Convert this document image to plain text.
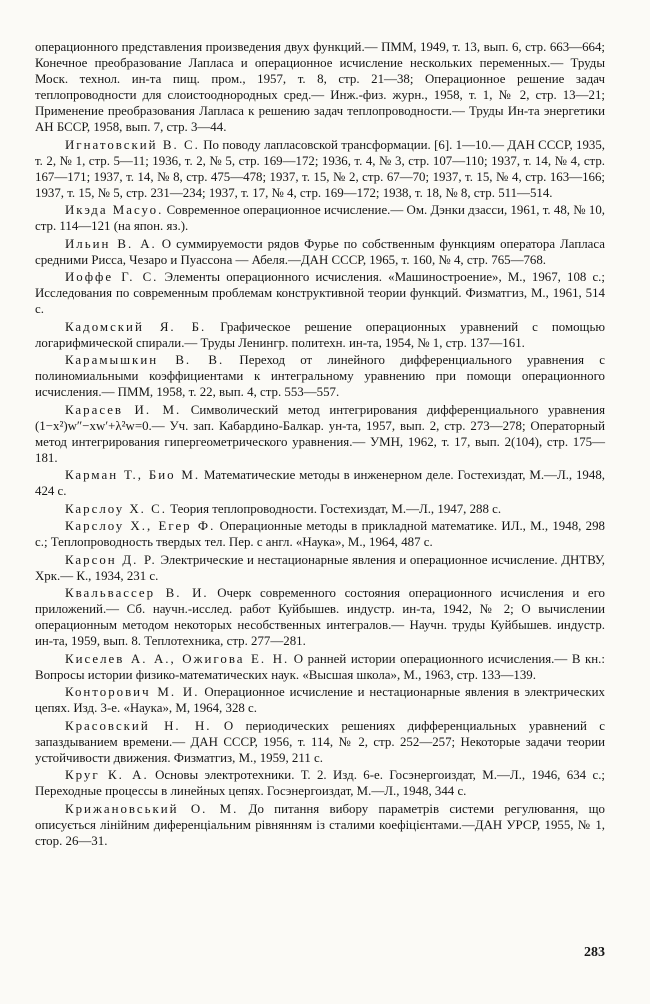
операционного представления произведения двух функций.— ПММ, 1949, т. 13, вып. 6, стр. 663—664; Конечное преобразование Лапласа и операционное исчисление нескольких переменных.— Труды Моск. технол. ин-та пищ. пром., 1957, т. 8, стр. 21—38; Операционное решение задач теплопроводности для слоистооднородных сред.— Инж.-физ. журн., 1958, т. 1, № 2, стр. 13—21; Применение преобразования Лапласа к решению задач теплопроводности.— Труды Ин-та энергетики АН БССР, 1958, вып. 7, стр. 3—44.

Игнатовский В. С. По поводу лапласовской трансформации. [6]. 1—10.— ДАН СССР, 1935, т. 2, № 1, стр. 5—11; 1936, т. 2, № 5, стр. 169—172; 1936, т. 4, № 3, стр. 107—110; 1937, т. 14, № 4, стр. 167—171; 1937, т. 14, № 8, стр. 475—478; 1937, т. 15, № 2, стр. 67—70; 1937, т. 15, № 4, стр. 163—166; 1937, т. 15, № 5, стр. 231—234; 1937, т. 17, № 4, стр. 169—172; 1938, т. 18, № 8, стр. 511—514.

Икэда Масуо. Современное операционное исчисление.— Ом. Дэнки дзасси, 1961, т. 48, № 10, стр. 114—121 (на япон. яз.).

Ильин В. А. О суммируемости рядов Фурье по собственным функциям оператора Лапласа средними Рисса, Чезаро и Пуассона — Абеля.—ДАН СССР, 1965, т. 160, № 4, стр. 765—768.

Иоффе Г. С. Элементы операционного исчисления. «Машиностроение», М., 1967, 108 с.; Исследования по современным проблемам конструктивной теории функций. Физматгиз, М., 1961, 514 с.

Кадомский Я. Б. Графическое решение операционных уравнений с помощью логарифмической спирали.— Труды Ленингр. политехн. ин-та, 1954, № 1, стр. 137—161.

Карамышкин В. В. Переход от линейного дифференциального уравнения с полиномиальными коэффициентами к интегральному уравнению при помощи операционного исчисления.— ПММ, 1958, т. 22, вып. 4, стр. 553—557.

Карасев И. М. Символический метод интегрирования дифференциального уравнения (1−x²)w″−xw′+λ²w=0.— Уч. зап. Кабардино-Балкар. ун-та, 1957, вып. 2, стр. 273—278; Операторный метод интегрирования гипергеометрического уравнения.— УМН, 1962, т. 17, вып. 2(104), стр. 175—181.

Карман Т., Био М. Математические методы в инженерном деле. Гостехиздат, М.—Л., 1948, 424 с.

Карслоу Х. С. Теория теплопроводности. Гостехиздат, М.—Л., 1947, 288 с.

Карслоу Х., Егер Ф. Операционные методы в прикладной математике. ИЛ., М., 1948, 298 с.; Теплопроводность твердых тел. Пер. с англ. «Наука», М., 1964, 487 с.

Карсон Д. Р. Электрические и нестационарные явления и операционное исчисление. ДНТВУ, Хрк.— К., 1934, 231 с.

Квальвассер В. И. Очерк современного состояния операционного исчисления и его приложений.— Сб. научн.-исслед. работ Куйбышев. индустр. ин-та, 1942, № 2; О вычислении операционным методом некоторых несобственных интегралов.— Научн. труды Куйбышев. индустр. ин-та, 1959, вып. 8. Теплотехника, стр. 277—281.

Киселев А. А., Ожигова Е. Н. О ранней истории операционного исчисления.— В кн.: Вопросы истории физико-математических наук. «Высшая школа», М., 1963, стр. 133—139.

Конторович М. И. Операционное исчисление и нестационарные явления в электрических цепях. Изд. 3-е. «Наука», М, 1964, 328 с.

Красовский Н. Н. О периодических решениях дифференциальных уравнений с запаздыванием времени.— ДАН СССР, 1956, т. 114, № 2, стр. 252—257; Некоторые задачи теории устойчивости движения. Физматгиз, М., 1959, 211 с.

Круг К. А. Основы электротехники. Т. 2. Изд. 6-е. Госэнергоиздат, М.—Л., 1946, 634 с.; Переходные процессы в линейных цепях. Госэнергоиздат, М.—Л., 1948, 344 с.

Крижановський О. М. До питання вибору параметрів системи регулювання, що описується лінійним диференціальним рівнянням із сталими коефіцієнтами.—ДАН УРСР, 1955, № 1, стор. 26—31.

283
